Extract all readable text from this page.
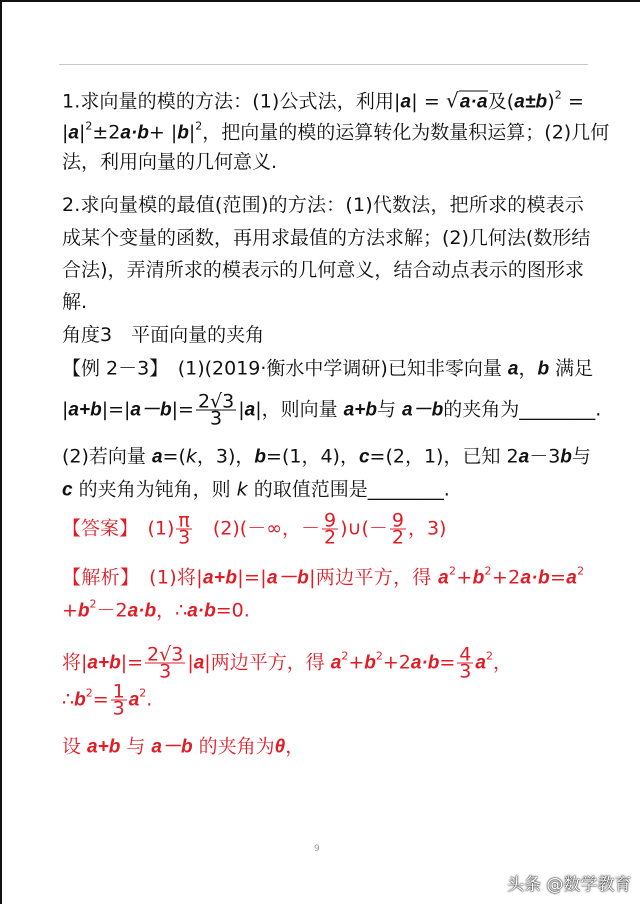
1.求向量的模的方法：(1)公式法，利用|a| = √a·a及$(a\pm b)^2$ =
$|a|^2\pm 2a\cdot b+ |b|^2$，把向量的模的运算转化为数量积运算；(2)几何
法，利用向量的几何意义.
2.求向量模的最值(范围)的方法：(1)代数法，把所求的模表示
成某个变量的函数，再用求最值的方法求解；(2)几何法(数形结
合法)，弄清所求的模表示的几何意义，结合动点表示的图形求
解.
角度3　平面向量的夹角
【例 2－3】　(1)(2019·衡水中学调研)已知非零向量 a，b 满足
$|a+b|=|a-b|= \frac{2√3}{3} |a|$，则向量 a+b与 a－b的夹角为________.
(2)若向量 a=(k，3)，b=(1，4)，c=(2，1)，已知 2a－3b与
c 的夹角为钝角，则 k 的取值范围是________.
【答案】　$(1) \frac{\pi}{3}$ 　(2)(－∞，－ $\frac{9}{2}$ )∪(－ $\frac{9}{2}$ ，3)
【解析】　(1)将|a+b|=|a－b|两边平方，得 $a^2+b^2+2a\cdot b=a^2$
$+b^2-2a\cdot b$，∴a·b=0.
将$|a+b|= \frac{2√3}{3} |a|$两边平方，得 $a^2+b^2+2a\cdot b= \frac{4}{3} a^2$，
$\therefore b^2= \frac{1}{3} a^2$.
设 a+b 与 a－b 的夹角为θ，
9
头条 @数学教育
